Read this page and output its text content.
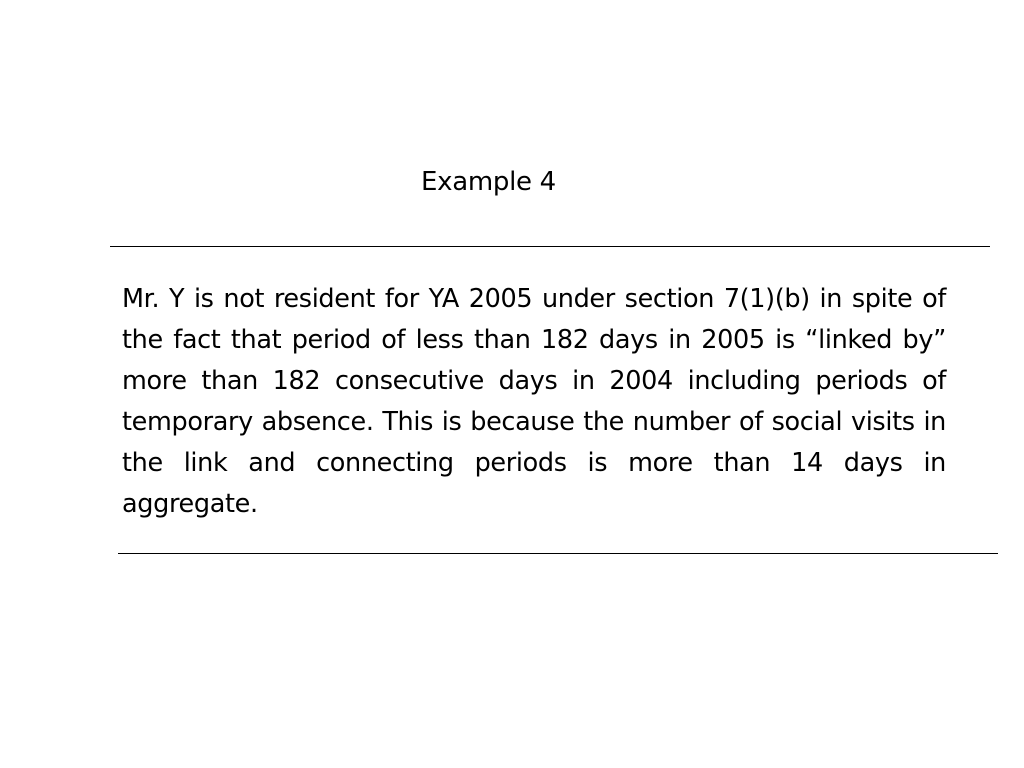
Example 4
Mr. Y is not resident for YA 2005 under section 7(1)(b) in spite of the fact that period of less than 182 days in 2005 is “linked by” more than 182 consecutive days in 2004 including periods of temporary absence. This is because the number of social visits in the link and connecting periods is more than 14 days in aggregate.
